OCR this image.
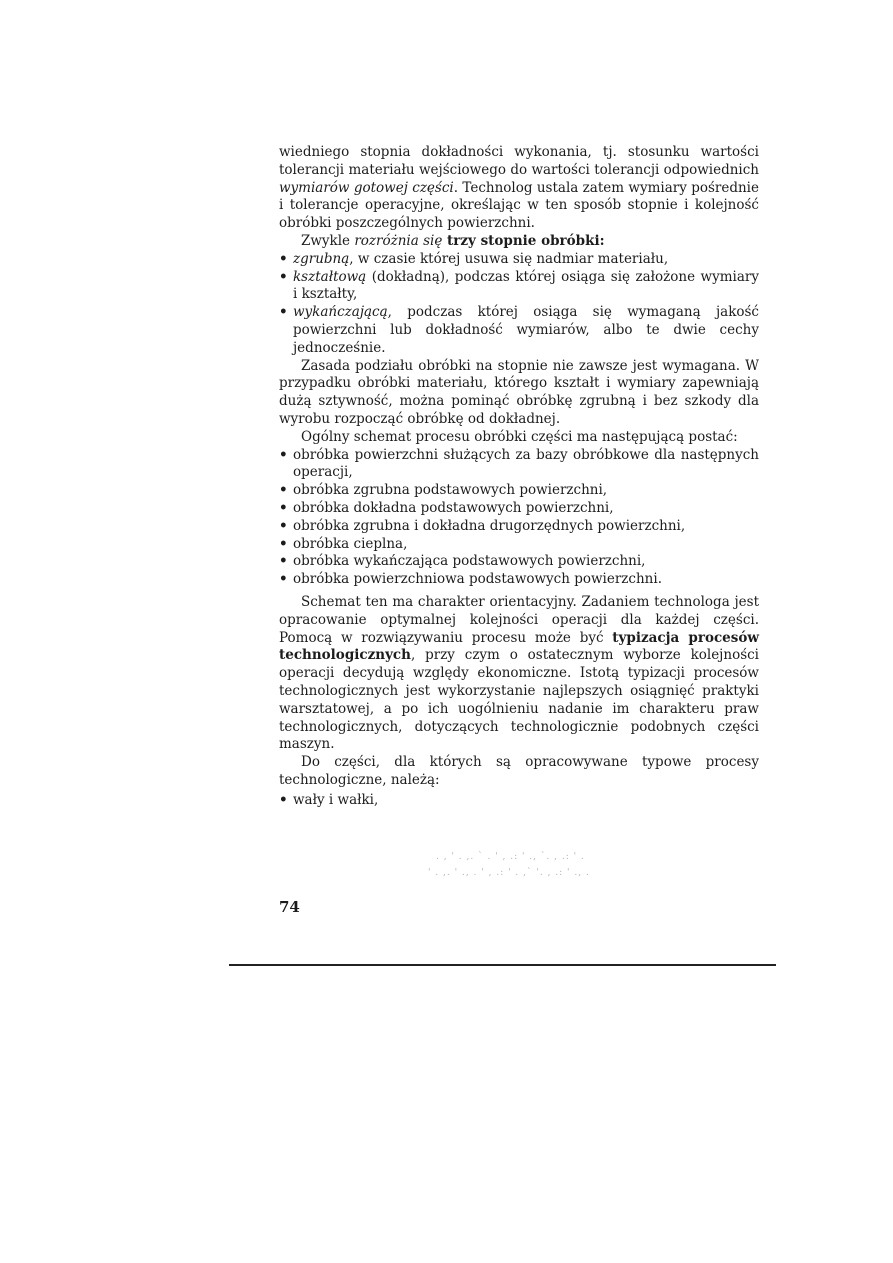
wiedniego stopnia dokładności wykonania, tj. stosunku wartości tolerancji materiału wejściowego do wartości tolerancji odpowiednich wymiarów gotowej części. Technolog ustala zatem wymiary pośrednie i tolerancje operacyjne, określając w ten sposób stopnie i kolejność obróbki poszczególnych powierzchni.

Zwykle rozróżnia się trzy stopnie obróbki:

• zgrubną, w czasie której usuwa się nadmiar materiału,
• kształtową (dokładną), podczas której osiąga się założone wymiary i kształty,
• wykańczającą, podczas której osiąga się wymaganą jakość powierzchni lub dokładność wymiarów, albo te dwie cechy jednocześnie.

Zasada podziału obróbki na stopnie nie zawsze jest wymagana. W przypadku obróbki materiału, którego kształt i wymiary zapewniają dużą sztywność, można pominąć obróbkę zgrubną i bez szkody dla wyrobu rozpocząć obróbkę od dokładnej.

Ogólny schemat procesu obróbki części ma następującą postać:

• obróbka powierzchni służących za bazy obróbkowe dla następnych operacji,
• obróbka zgrubna podstawowych powierzchni,
• obróbka dokładna podstawowych powierzchni,
• obróbka zgrubna i dokładna drugorzędnych powierzchni,
• obróbka cieplna,
• obróbka wykańczająca podstawowych powierzchni,
• obróbka powierzchniowa podstawowych powierzchni.

Schemat ten ma charakter orientacyjny. Zadaniem technologa jest opracowanie optymalnej kolejności operacji dla każdej części. Pomocą w rozwiązywaniu procesu może być typizacja procesów technologicznych, przy czym o ostatecznym wyborze kolejności operacji decydują względy ekonomiczne. Istotą typizacji procesów technologicznych jest wykorzystanie najlepszych osiągnięć praktyki warsztatowej, a po ich uogólnieniu nadanie im charakteru praw technologicznych, dotyczących technologicznie podobnych części maszyn.

Do części, dla których są opracowywane typowe procesy technologiczne, należą:

• wały i wałki,
74
. , ' . ,. ` . ' , .: ' ., `. , .: ' .
' . ,. ' ., . ' , .: ' . ,` '. , .: ' ., .
